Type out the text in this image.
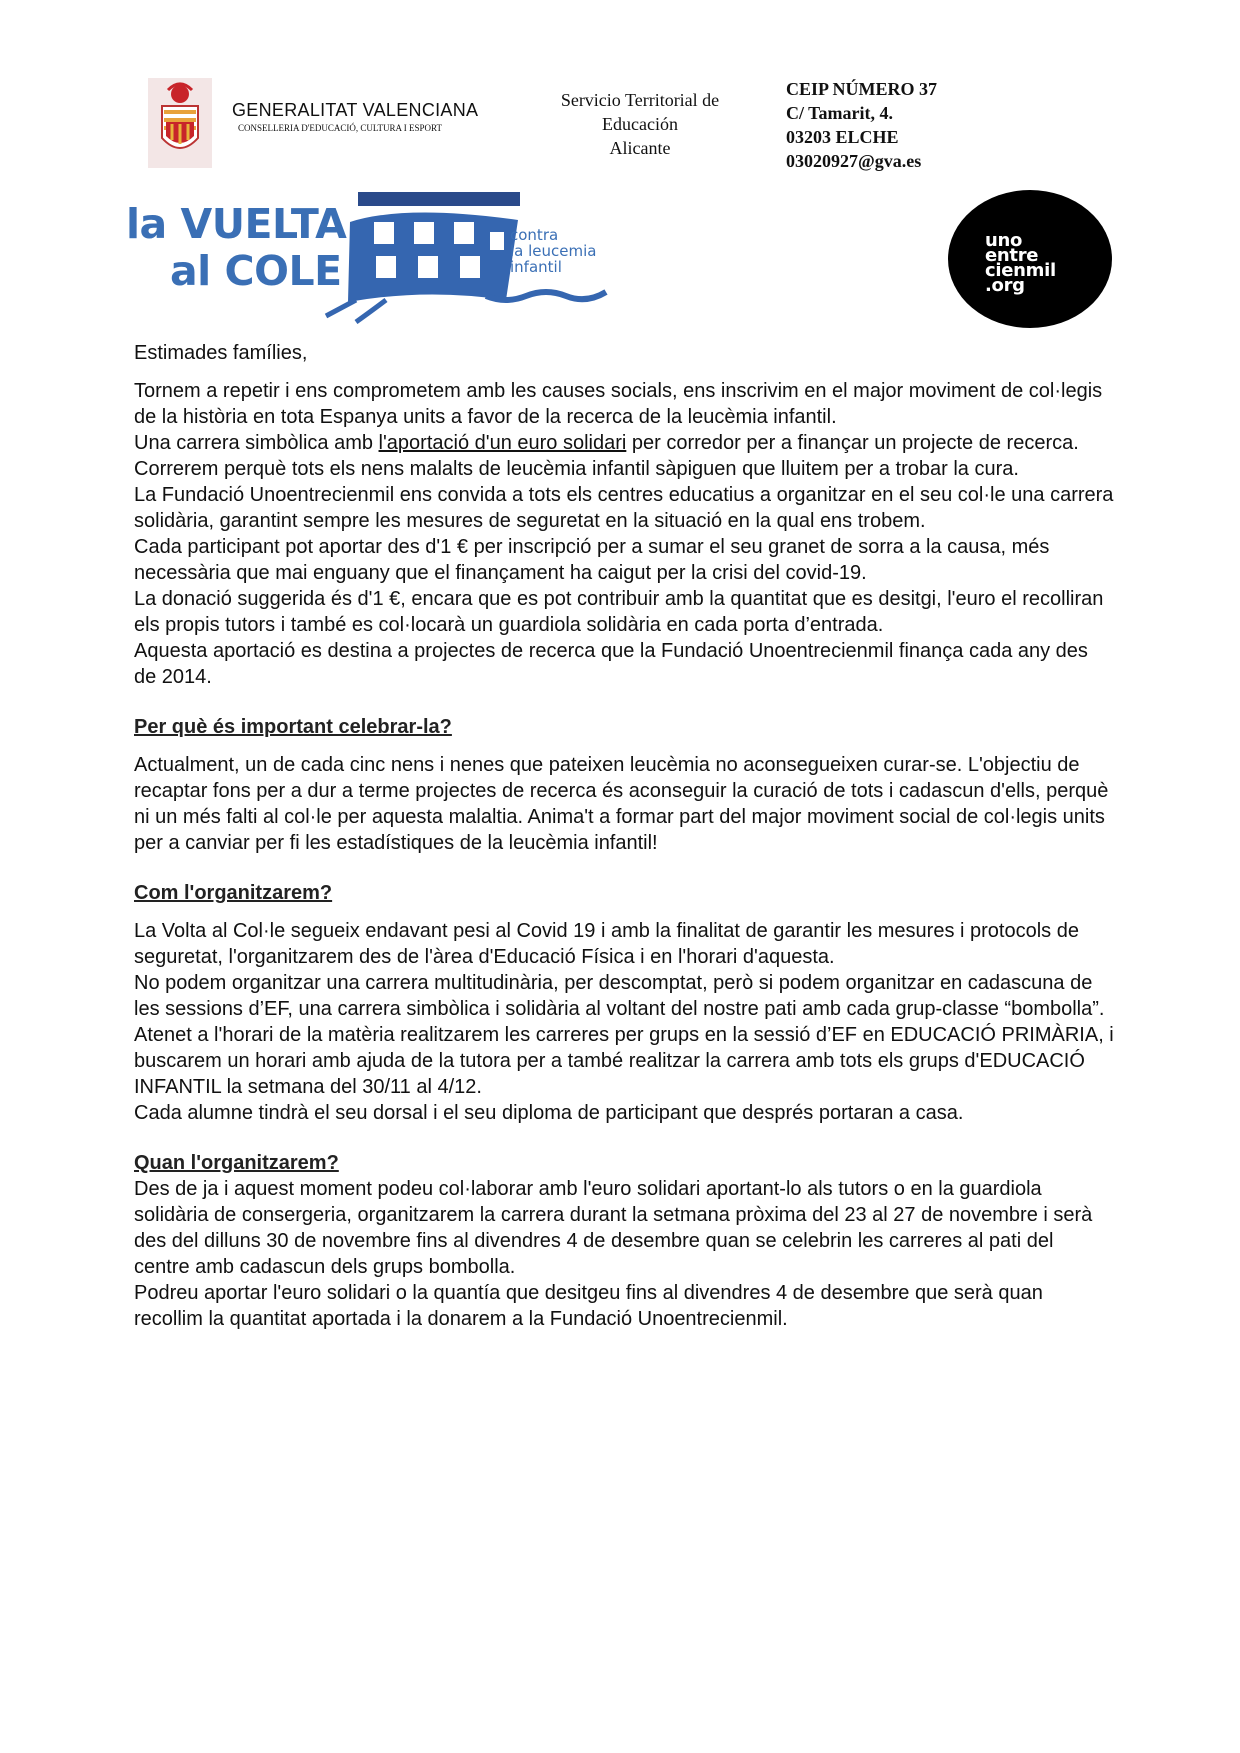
GENERALITAT VALENCIANA
CONSELLERIA D'EDUCACIÓ, CULTURA I ESPORT
Servicio Territorial de
Educación
Alicante
CEIP NÚMERO 37
C/ Tamarit, 4.
03203 ELCHE
03020927@gva.es
la VUELTA
al COLE
contra
la leucemia
infantil
uno
entre
cienmil
.org

Estimades famílies,

Tornem a repetir i ens comprometem amb les causes socials, ens inscrivim en el major moviment de col·legis de la història en tota Espanya units a favor de la recerca de la leucèmia infantil.

Una carrera simbòlica amb l'aportació d'un euro solidari per corredor per a finançar un projecte de recerca.

Correrem perquè tots els nens malalts de leucèmia infantil sàpiguen que lluitem per a trobar la cura.

La Fundació Unoentrecienmil ens convida a tots els centres educatius a organitzar en el seu col·le una carrera solidària, garantint sempre les mesures de seguretat en la situació en la qual ens trobem.

Cada participant pot aportar des d'1 € per inscripció per a sumar el seu granet de sorra a la causa, més necessària que mai enguany que el finançament ha caigut per la crisi del covid-19.

La donació suggerida és d'1 €, encara que es pot contribuir amb la quantitat que es desitgi, l'euro el recolliran els propis tutors i també es col·locarà un guardiola solidària en cada porta d’entrada.

Aquesta aportació es destina a projectes de recerca que la Fundació Unoentrecienmil finança cada any des de 2014.

Per què és important celebrar-la?

Actualment, un de cada cinc nens i nenes que pateixen leucèmia no aconsegueixen curar-se. L'objectiu de recaptar fons per a dur a terme projectes de recerca és aconseguir la curació de tots i cadascun d'ells, perquè ni un més falti al col·le per aquesta malaltia. Anima't a formar part del major moviment social de col·legis units per a canviar per fi les estadístiques de la leucèmia infantil!

Com l'organitzarem?

La Volta al Col·le segueix endavant pesi al Covid 19 i amb la finalitat de garantir les mesures i protocols de seguretat, l'organitzarem des de l'àrea d'Educació Física i en l'horari d'aquesta.

No podem organitzar una carrera multitudinària, per descomptat, però si podem organitzar en cadascuna de les sessions d’EF, una carrera simbòlica i solidària al voltant del nostre pati amb cada grup-classe “bombolla”.

Atenet a l'horari de la matèria realitzarem les carreres per grups en la sessió d’EF en EDUCACIÓ PRIMÀRIA, i buscarem un horari amb ajuda de la tutora per a també realitzar la carrera amb tots els grups d'EDUCACIÓ INFANTIL la setmana del 30/11 al 4/12.

Cada alumne tindrà el seu dorsal i el seu diploma de participant que després portaran a casa.

Quan l'organitzarem?

Des de ja i aquest moment podeu col·laborar amb l'euro solidari aportant-lo als tutors o en la guardiola solidària de consergeria, organitzarem la carrera durant la setmana pròxima del 23 al 27 de novembre i serà des del dilluns 30 de novembre fins al divendres 4 de desembre quan se celebrin les carreres al pati del centre amb cadascun dels grups bombolla.

Podreu aportar l'euro solidari o la quantía que desitgeu fins al divendres 4 de desembre que serà quan recollim la quantitat aportada i la donarem a la Fundació Unoentrecienmil.
